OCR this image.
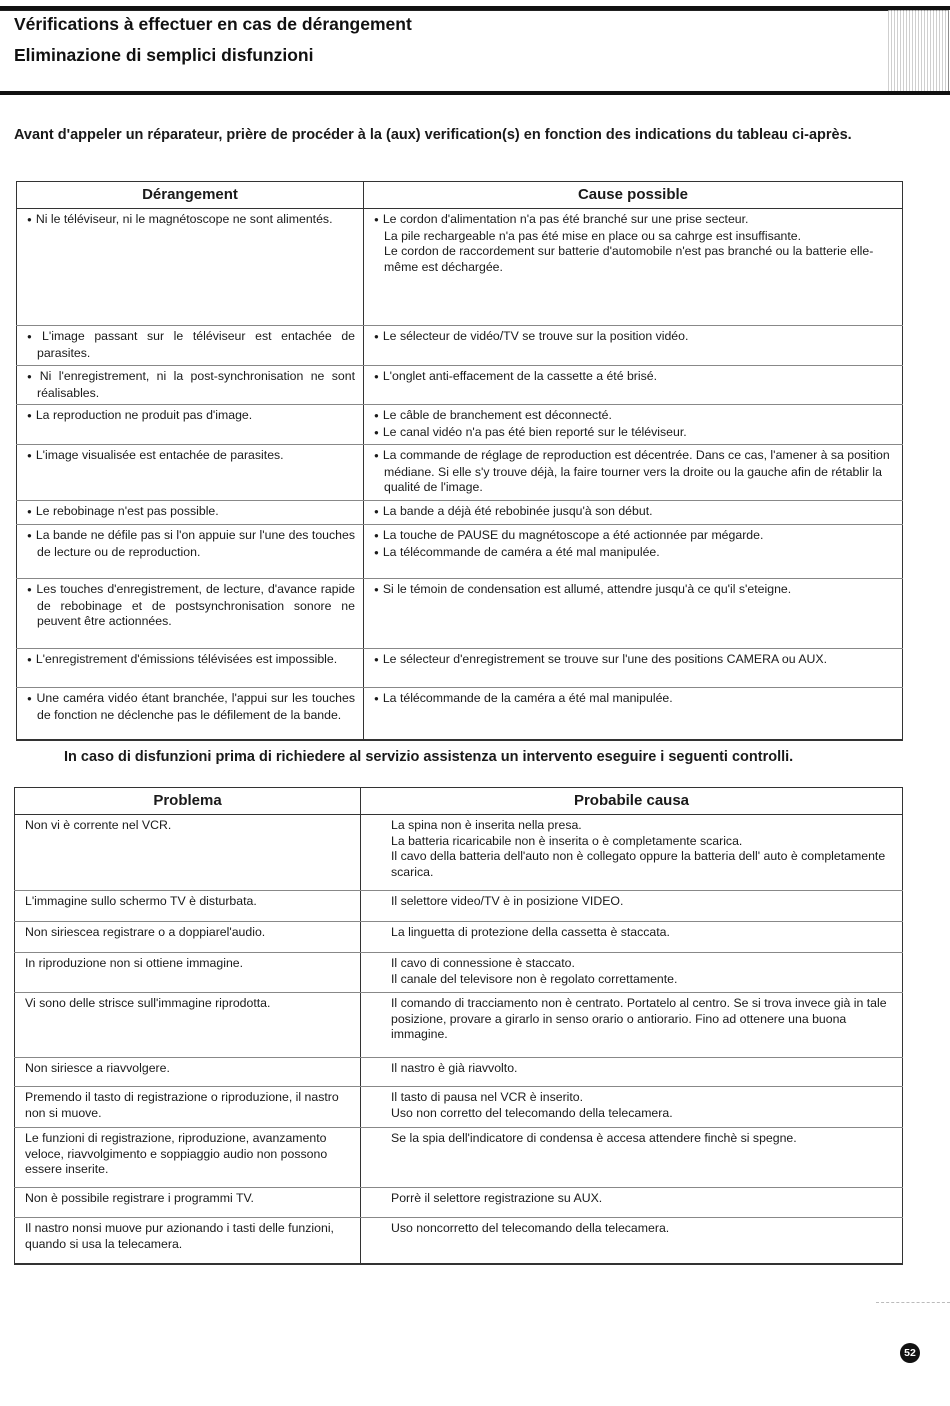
Vérifications à effectuer en cas de dérangement
Eliminazione di semplici disfunzioni
Avant d'appeler un réparateur, prière de procéder à la (aux) verification(s) en fonction des indications du tableau ci-après.
Dérangement	Cause possible

● Ni le téléviseur, ni le magnétoscope ne sont alimentés.	● Le cordon d'alimentation n'a pas été branché sur une prise secteur.
La pile rechargeable n'a pas été mise en place ou sa cahrge est insuffisante.
Le cordon de raccordement sur batterie d'automobile n'est pas branché ou la batterie elle-même est déchargée.

● L'image passant sur le téléviseur est entachée de parasites.	● Le sélecteur de vidéo/TV se trouve sur la position vidéo.

● Ni l'enregistrement, ni la post-synchronisation ne sont réalisables.	● L'onglet anti-effacement de la cassette a été brisé.

● La reproduction ne produit pas d'image.	● Le câble de branchement est déconnecté.
● Le canal vidéo n'a pas été bien reporté sur le téléviseur.

● L'image visualisée est entachée de parasites.	● La commande de réglage de reproduction est décentrée. Dans ce cas, l'amener à sa position médiane. Si elle s'y trouve déjà, la faire tourner vers la droite ou la gauche afin de rétablir la qualité de l'image.

● Le rebobinage n'est pas possible.	● La bande a déjà été rebobinée jusqu'à son début.

● La bande ne défile pas si l'on appuie sur l'une des touches de lecture ou de reproduction.	● La touche de PAUSE du magnétoscope a été actionnée par mégarde.
● La télécommande de caméra a été mal manipulée.

● Les touches d'enregistrement, de lecture, d'avance rapide de rebobinage et de postsynchronisation sonore ne peuvent être actionnées.	● Si le témoin de condensation est allumé, attendre jusqu'à ce qu'il s'eteigne.

● L'enregistrement d'émissions télévisées est impossible.	● Le sélecteur d'enregistrement se trouve sur l'une des positions CAMERA ou AUX.

● Une caméra vidéo étant branchée, l'appui sur les touches de fonction ne déclenche pas le défilement de la bande.	● La télécommande de la caméra a été mal manipulée.
In caso di disfunzioni prima di richiedere al servizio assistenza un intervento eseguire i seguenti controlli.
Problema	Probabile causa

Non vi è corrente nel VCR.	La spina non è inserita nella presa.
La batteria ricaricabile non è inserita o è completamente scarica.
Il cavo della batteria dell'auto non è collegato oppure la batteria dell' auto è completamente scarica.

L'immagine sullo schermo TV è disturbata.	Il selettore video/TV è in posizione VIDEO.

Non siriescea registrare o a doppiarel'audio.	La linguetta di protezione della cassetta è staccata.

In riproduzione non si ottiene immagine.	Il cavo di connessione è staccato.
Il canale del televisore non è regolato correttamente.

Vi sono delle strisce sull'immagine riprodotta.	Il comando di tracciamento non è centrato. Portatelo al centro. Se si trova invece già in tale posizione, provare a girarlo in senso orario o antiorario. Fino ad ottenere una buona immagine.

Non siriesce a riavvolgere.	Il nastro è già riavvolto.

Premendo il tasto di registrazione o riproduzione, il nastro non si muove.	Il tasto di pausa nel VCR è inserito.
Uso non corretto del telecomando della telecamera.

Le funzioni di registrazione, riproduzione, avanzamento veloce, riavvolgimento e soppiaggio audio non possono essere inserite.	Se la spia dell'indicatore di condensa è accesa attendere finchè si spegne.

Non è possibile registrare i programmi TV.	Porrè il selettore registrazione su AUX.

Il nastro nonsi muove pur azionando i tasti delle funzioni, quando si usa la telecamera.	Uso noncorretto del telecomando della telecamera.
52
